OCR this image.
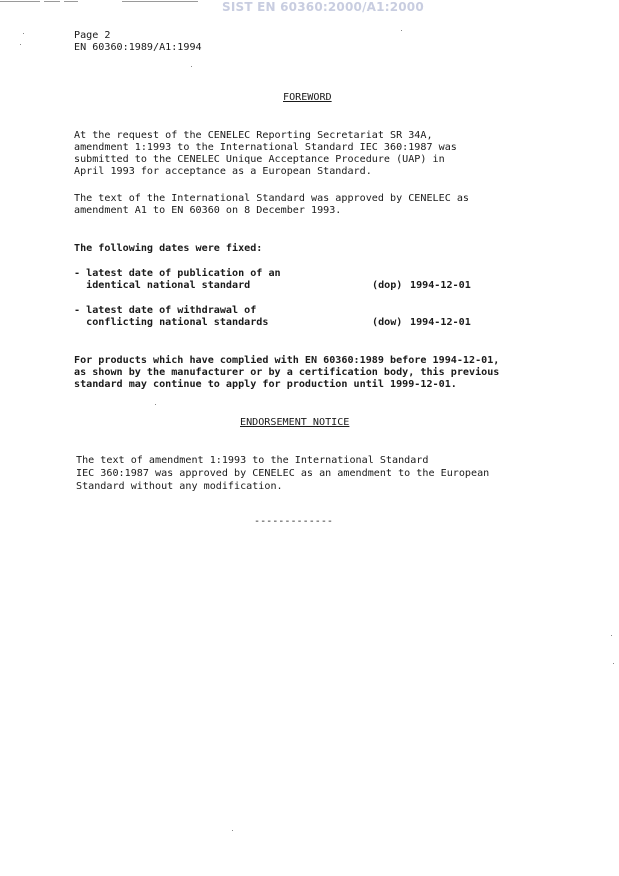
SIST EN 60360:2000/A1:2000
Page 2
EN 60360:1989/A1:1994
FOREWORD
At the request of the CENELEC Reporting Secretariat SR 34A,
amendment 1:1993 to the International Standard IEC 360:1987 was
submitted to the CENELEC Unique Acceptance Procedure (UAP) in
April 1993 for acceptance as a European Standard.
The text of the International Standard was approved by CENELEC as
amendment A1 to EN 60360 on 8 December 1993.
The following dates were fixed:
- latest date of publication of an
identical national standard	(dop) 1994-12-01
- latest date of withdrawal of
conflicting national standards	(dow) 1994-12-01
For products which have complied with EN 60360:1989 before 1994-12-01,
as shown by the manufacturer or by a certification body, this previous
standard may continue to apply for production until 1999-12-01.
ENDORSEMENT NOTICE
The text of amendment 1:1993 to the International Standard
IEC 360:1987 was approved by CENELEC as an amendment to the European
Standard without any modification.
-------------
